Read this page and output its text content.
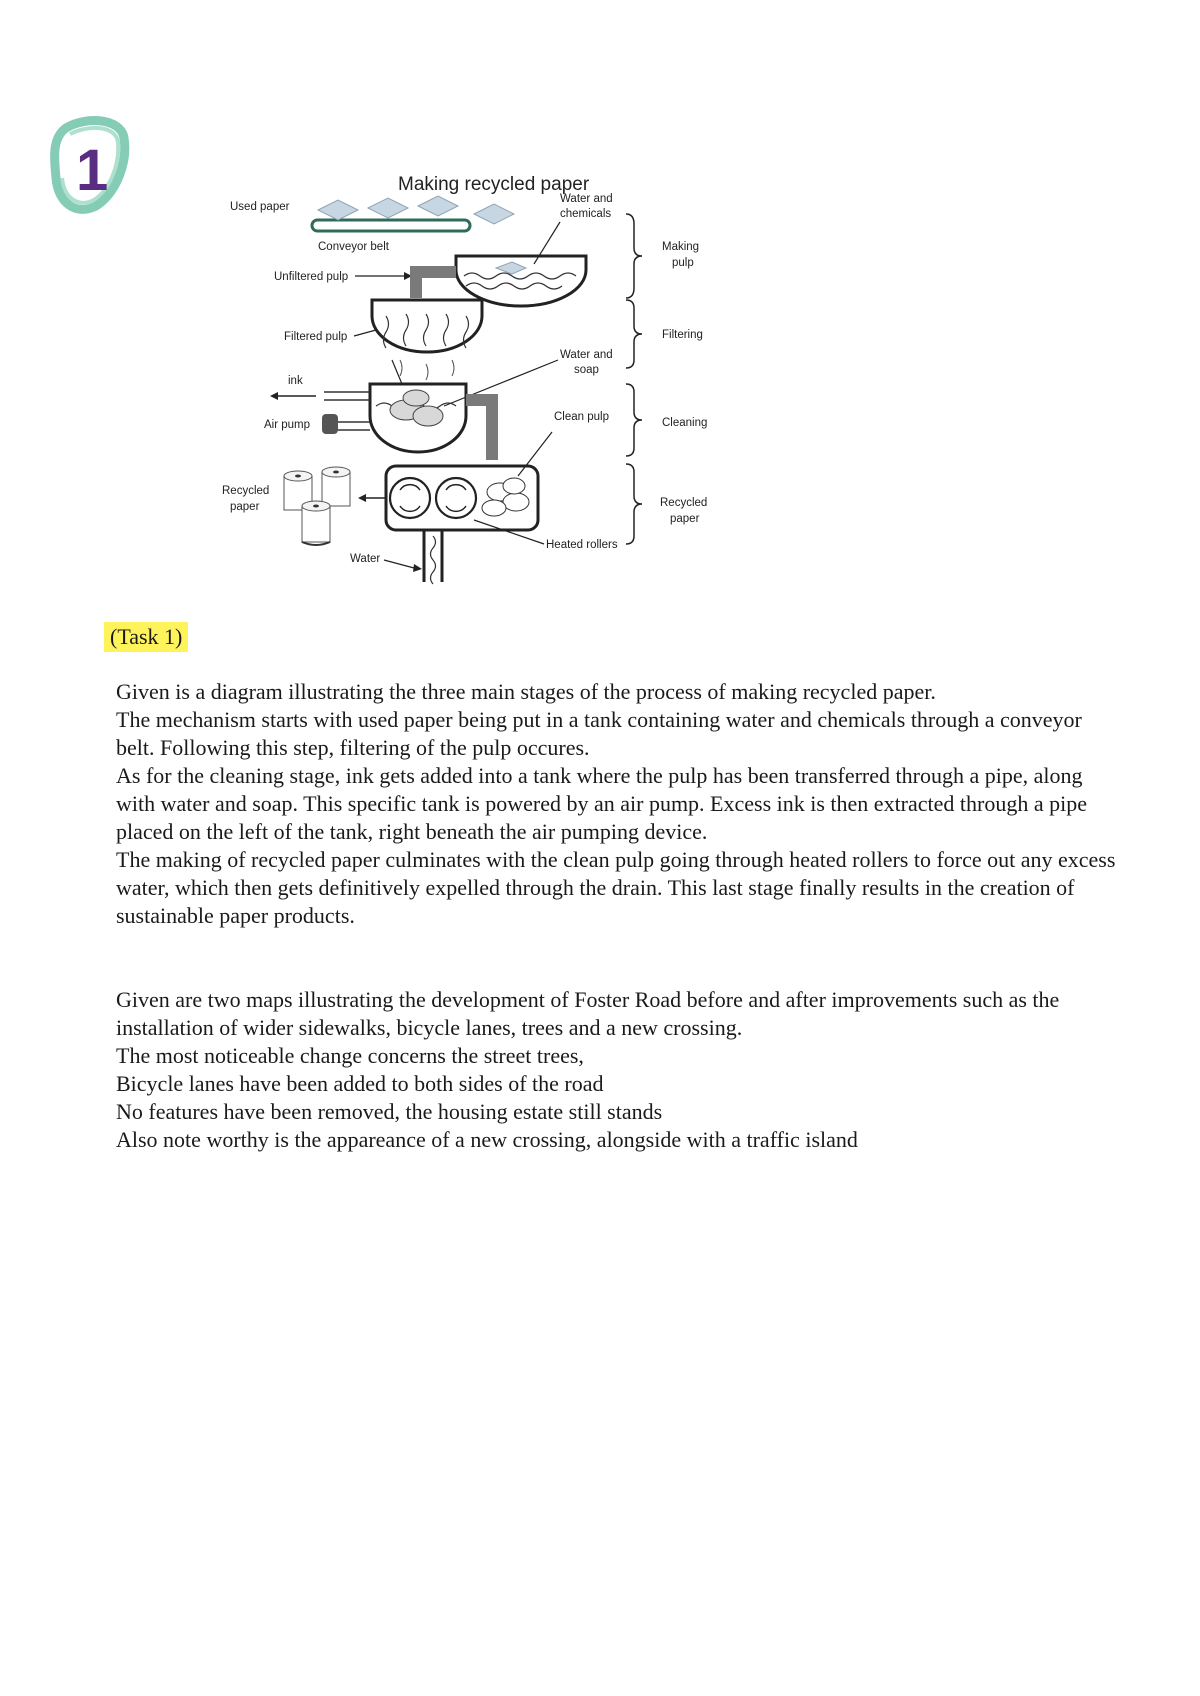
1	Making recycled paper
Used paper
Conveyor belt
Unfiltered pulp
Water and
chemicals
Filtered pulp
Water and
soap
ink
Air pump
Clean pulp
Recycled
paper
Water
Heated rollers
Making
pulp
Filtering
Cleaning
Recycled
paper
(Task 1)

Given is a diagram illustrating the three main stages of the process of making recycled paper.

The mechanism starts with used paper being put in a tank containing water and chemicals through a conveyor belt. Following this step, filtering of the pulp occures.

As for the cleaning stage, ink gets added into a tank where the pulp has been transferred through a pipe, along with water and soap. This specific tank is powered by an air pump. Excess ink is then extracted through a pipe placed on the left of the tank, right beneath the air pumping device.

The making of recycled paper culminates with the clean pulp going through heated rollers to force out any excess water, which then gets definitively expelled through the drain. This last stage finally results in the creation of sustainable paper products.

Given are two maps illustrating the development of Foster Road before and after improvements such as the installation of wider sidewalks, bicycle lanes, trees and a new crossing.

The most noticeable change concerns the street trees,

Bicycle lanes have been added to both sides of the road

No features have been removed, the housing estate still stands

Also note worthy is the appareance of a new crossing, alongside with a traffic island
